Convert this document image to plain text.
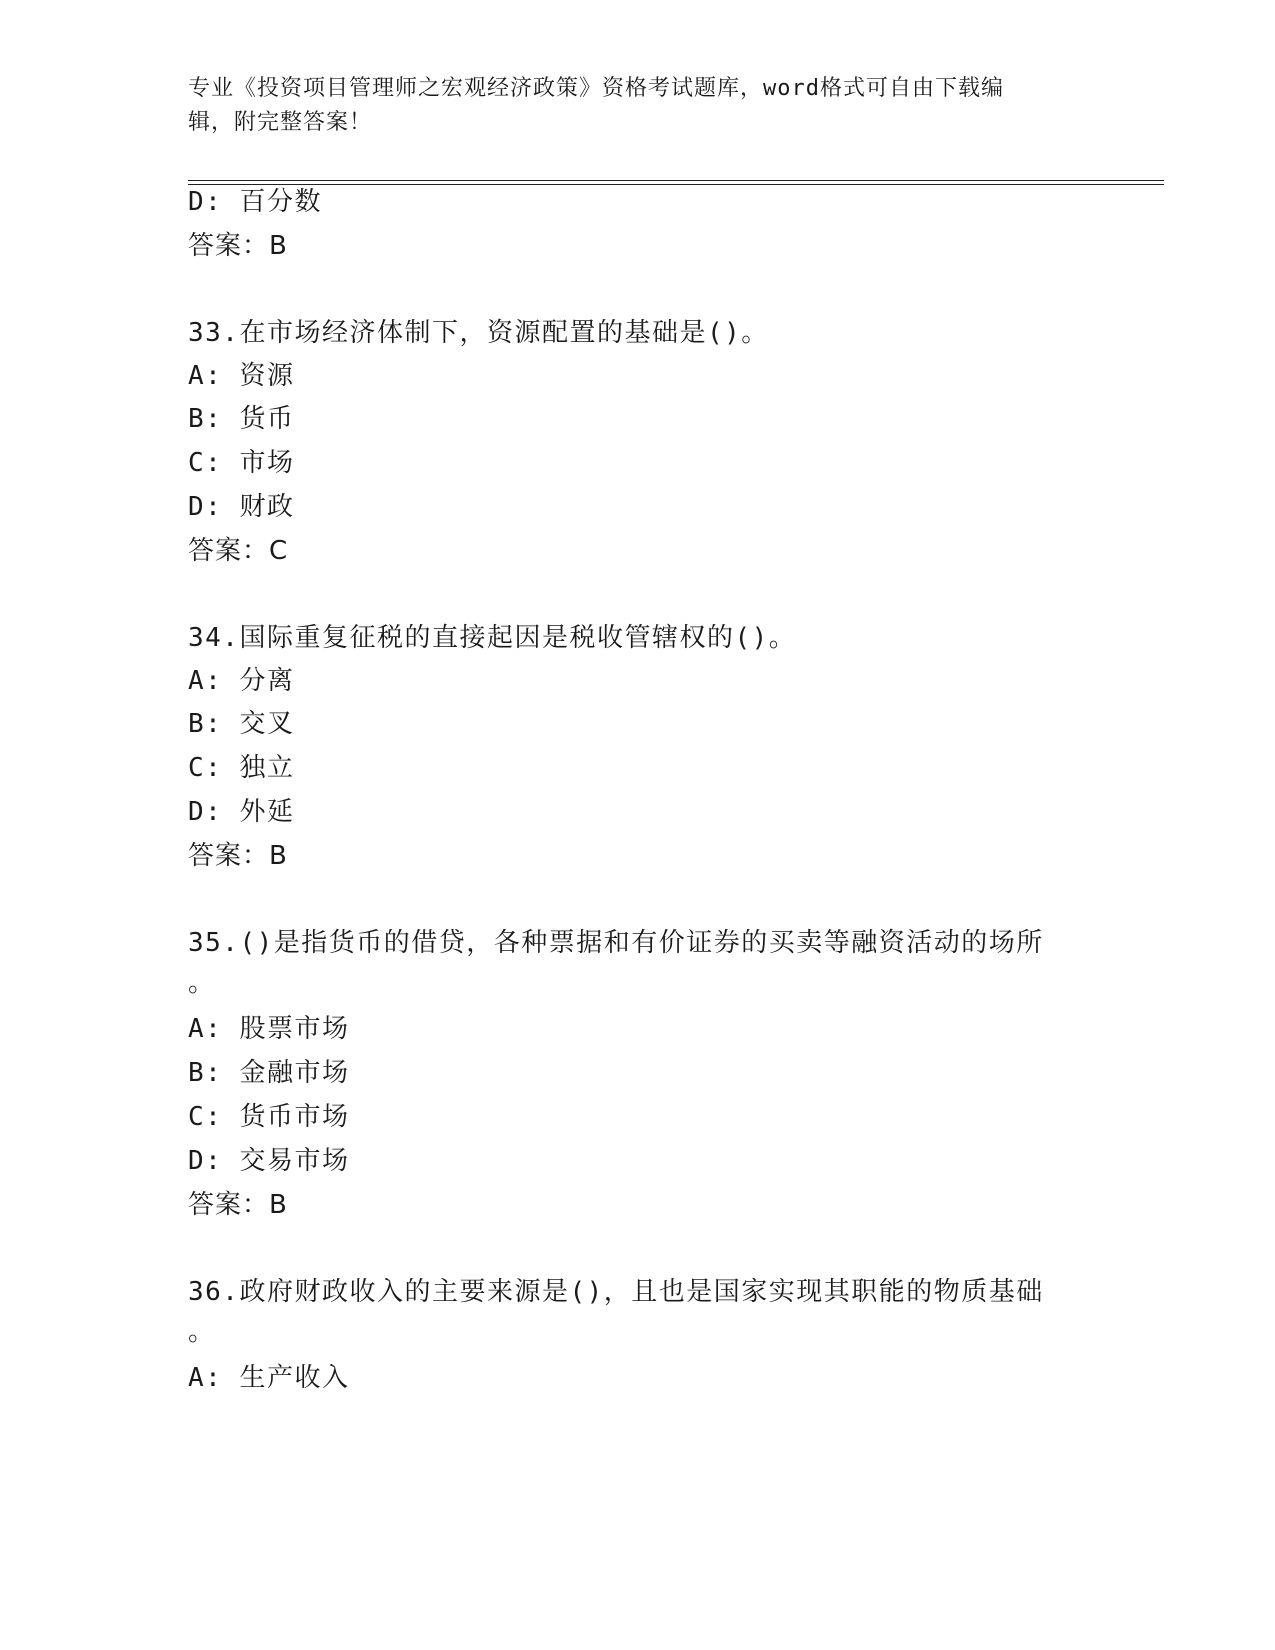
专业《投资项目管理师之宏观经济政策》资格考试题库，word格式可自由下载编
辑，附完整答案！
D: 百分数
答案：B
33.在市场经济体制下，资源配置的基础是()。
A: 资源
B: 货币
C: 市场
D: 财政
答案：C
34.国际重复征税的直接起因是税收管辖权的()。
A: 分离
B: 交叉
C: 独立
D: 外延
答案：B
35.()是指货币的借贷，各种票据和有价证券的买卖等融资活动的场所
。
A: 股票市场
B: 金融市场
C: 货币市场
D: 交易市场
答案：B
36.政府财政收入的主要来源是()，且也是国家实现其职能的物质基础
。
A: 生产收入
